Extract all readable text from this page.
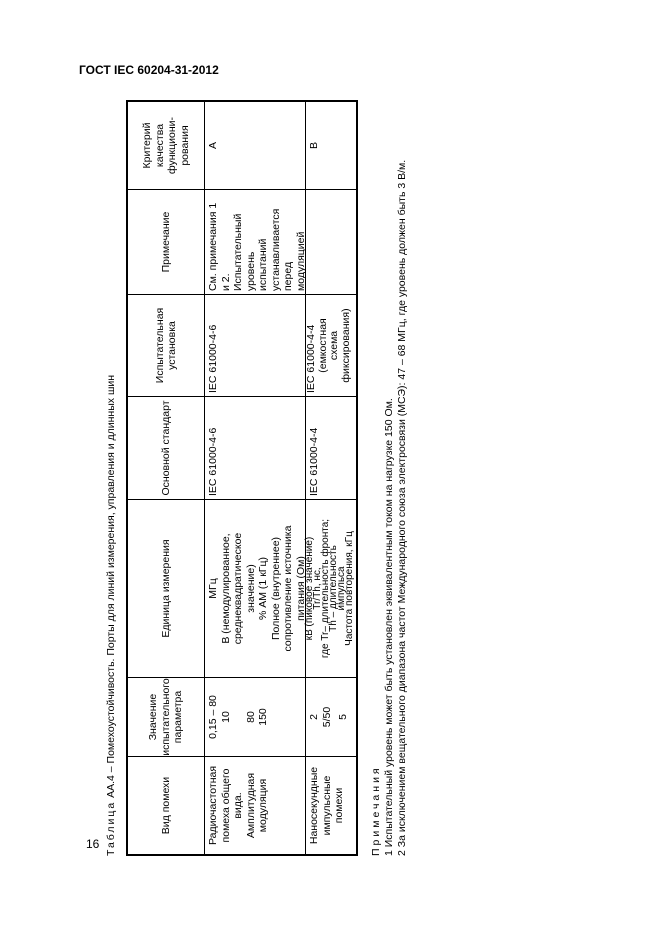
ГОСТ IEC 60204-31-2012
16 Таблица АА.4 – Помехоустойчивость. Порты для линий измерения, управления и длинных шин
Вид помехи
Значение испытательного параметра
Единица измерения
Основной стандарт
Испытательная установка
Примечание
Критерий качества функциони-рования
Радиочастотная помеха общего вида. Амплитудная модуляция
0,15 – 80 10 80 150
МГц В (немодулированное, среднеквадратическое значение) % АМ (1 кГц) Полное (внутреннее) сопротивление источника питания (Ом)
IEC 61000-4-6
IEC 61000-4-6
См. примечания 1 и 2. Испытательный уровень испытаний устанавливается перед модуляцией
A
Наносекундные импульсные помехи
2 5/50 5
кВ (пиковое значение)
Tr/Th, нс,
где Tr– длительность фронта;
Th – длительность
импульса
Частота повторения, кГц
IEC 61000-4-4
IEC 61000-4-4 (емкостная схема фиксирования)
B
Примечания 1 Испытательный уровень может быть установлен эквивалентным током на нагрузке 150 Ом. 2 За исключением вещательного диапазона частот Международного союза электросвязи (МСЭ): 47 – 68 МГц, где уровень должен быть 3 В/м.
